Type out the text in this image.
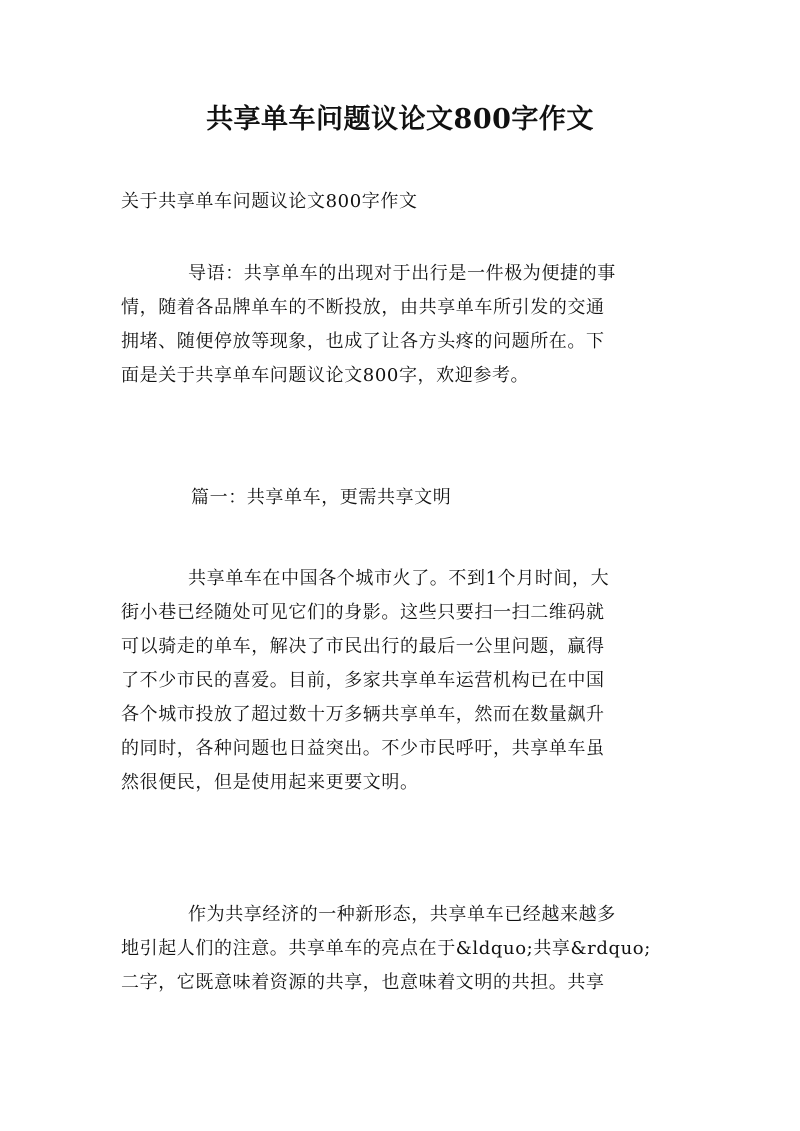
共享单车问题议论文800字作文
关于共享单车问题议论文800字作文
导语：共享单车的出现对于出行是一件极为便捷的事
情，随着各品牌单车的不断投放，由共享单车所引发的交通
拥堵、随便停放等现象，也成了让各方头疼的问题所在。下
面是关于共享单车问题议论文800字，欢迎参考。
篇一：共享单车，更需共享文明
共享单车在中国各个城市火了。不到1个月时间，大
街小巷已经随处可见它们的身影。这些只要扫一扫二维码就
可以骑走的单车，解决了市民出行的最后一公里问题，赢得
了不少市民的喜爱。目前，多家共享单车运营机构已在中国
各个城市投放了超过数十万多辆共享单车，然而在数量飙升
的同时，各种问题也日益突出。不少市民呼吁，共享单车虽
然很便民，但是使用起来更要文明。
作为共享经济的一种新形态，共享单车已经越来越多
地引起人们的注意。共享单车的亮点在于&ldquo;共享&rdquo;
二字，它既意味着资源的共享，也意味着文明的共担。共享
